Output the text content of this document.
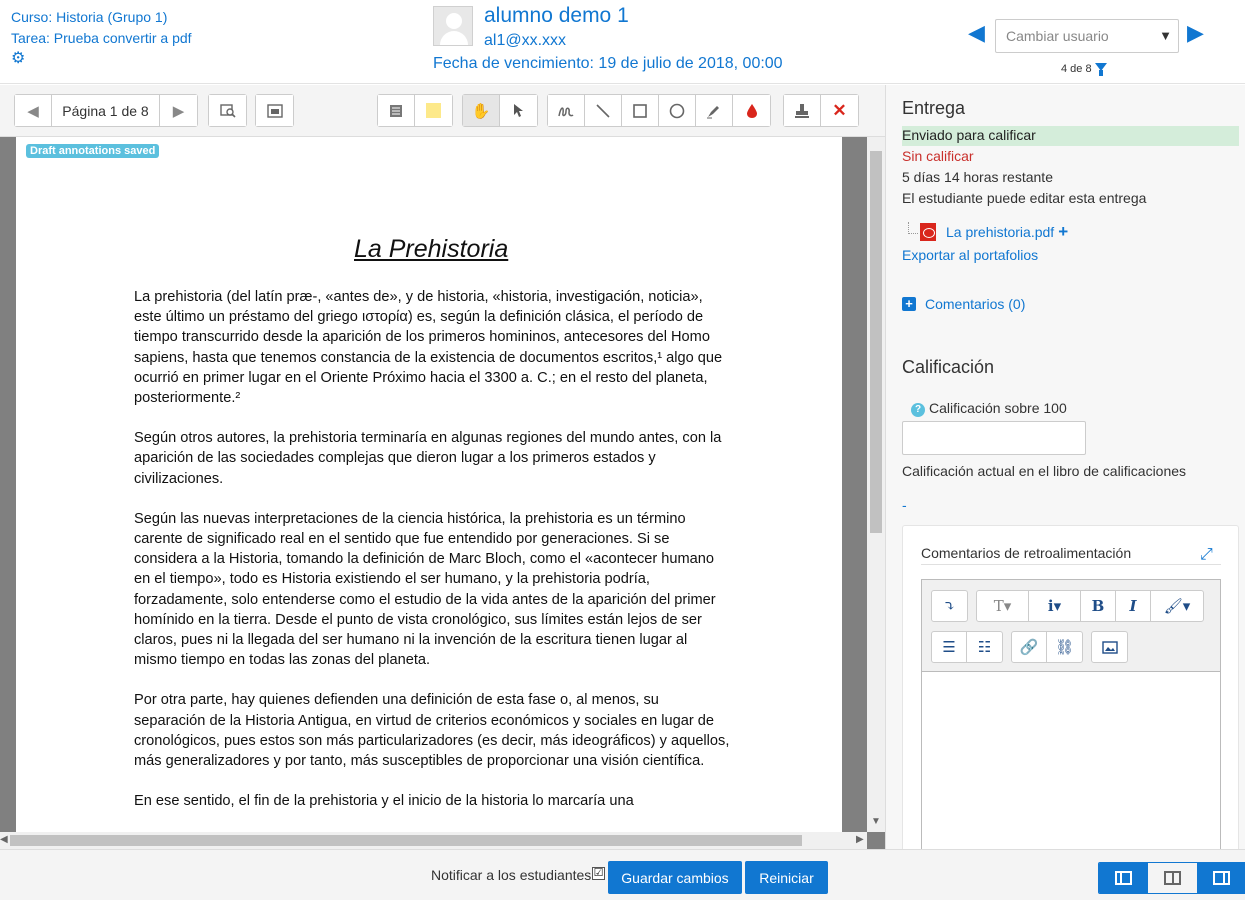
Curso: Historia (Grupo 1)
Tarea: Prueba convertir a pdf
⚙
alumno demo 1
al1@xx.xxx
Fecha de vencimiento: 19 de julio de 2018, 00:00
◀	Cambiar usuario	▼ ▶
4 de 8
◀	Página 1 de 8	▶	✋	✕
Draft annotations saved
La Prehistoria

La prehistoria (del latín præ-, «antes de», y de historia, «historia, investigación, noticia», este último un préstamo del griego ιστορία) es, según la definición clásica, el período de tiempo transcurrido desde la aparición de los primeros homininos, antecesores del Homo sapiens, hasta que tenemos constancia de la existencia de documentos escritos,¹ algo que ocurrió en primer lugar en el Oriente Próximo hacia el 3300 a. C.; en el resto del planeta, posteriormente.²

Según otros autores, la prehistoria terminaría en algunas regiones del mundo antes, con la aparición de las sociedades complejas que dieron lugar a los primeros estados y civilizaciones.

Según las nuevas interpretaciones de la ciencia histórica, la prehistoria es un término carente de significado real en el sentido que fue entendido por generaciones. Si se considera a la Historia, tomando la definición de Marc Bloch, como el «acontecer humano en el tiempo», todo es Historia existiendo el ser humano, y la prehistoria podría, forzadamente, solo entenderse como el estudio de la vida antes de la aparición del primer homínido en la tierra. Desde el punto de vista cronológico, sus límites están lejos de ser claros, pues ni la llegada del ser humano ni la invención de la escritura tienen lugar al mismo tiempo en todas las zonas del planeta.

Por otra parte, hay quienes defienden una definición de esta fase o, al menos, su separación de la Historia Antigua, en virtud de criterios económicos y sociales en lugar de cronológicos, pues estos son más particularizadores (es decir, más ideográficos) y aquellos, más generalizadores y por tanto, más susceptibles de proporcionar una visión científica.

En ese sentido, el fin de la prehistoria y el inicio de la historia lo marcaría una

▼
◀	▶
Entrega
Enviado para calificar
Sin calificar
5 días 14 horas restante
El estudiante puede editar esta entrega
La prehistoria.pdf +
Exportar al portafolios
+ Comentarios (0)
Calificación
? Calificación sobre 100
Calificación actual en el libro de calificaciones
-
Comentarios de retroalimentación	⤢
⤵	T▾ i▾ B I 🖌▾
☰ ☷ 🔗 ⛓
Notificar a los estudiantes ☑	Guardar cambios	Reiniciar
